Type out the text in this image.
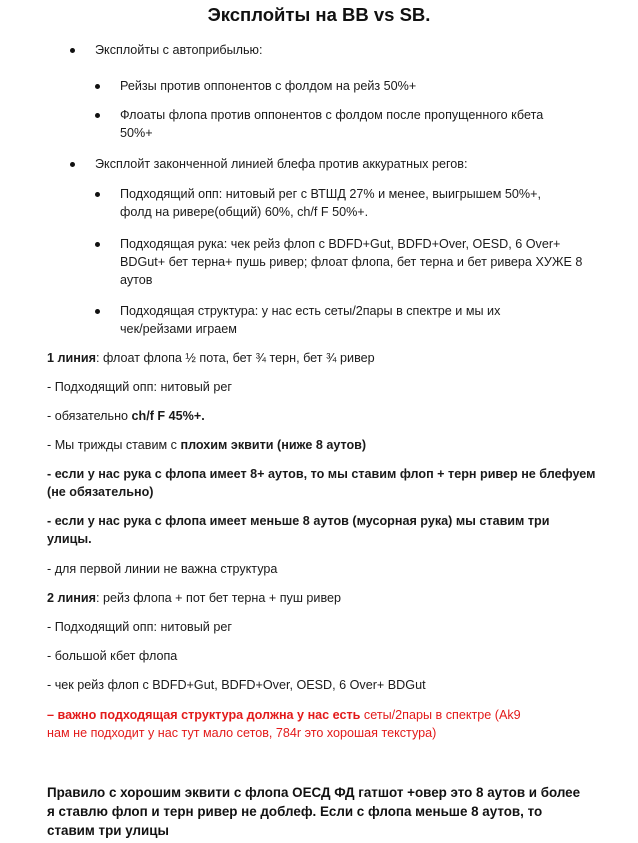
Эксплойты на BB vs SB.
Эксплойты с автоприбылью:
Рейзы против оппонентов с фолдом на рейз 50%+
Флоаты флопа против оппонентов с фолдом после пропущенного кбета
50%+
Эксплойт законченной линией блефа против аккуратных регов:
Подходящий опп: нитовый рег с ВТШД 27% и менее, выигрышем 50%+,
фолд на ривере(общий) 60%, ch/f F 50%+.
Подходящая рука: чек рейз флоп с BDFD+Gut, BDFD+Over, OESD, 6 Over+
BDGut+ бет терна+ пушь ривер; флоат флопа, бет терна и бет ривера ХУЖЕ 8
аутов
Подходящая структура: у нас есть сеты/2пары в спектре и мы их
чек/рейзами играем
1 линия: флоат флопа ½ пота, бет ¾ терн, бет ¾ ривер
- Подходящий опп: нитовый рег
- обязательно ch/f F 45%+.
- Мы трижды ставим с плохим эквити (ниже 8 аутов)
- если у нас рука с флопа имеет 8+ аутов, то мы ставим флоп + терн ривер не блефуем
(не обязательно)
- если у нас рука с флопа имеет меньше 8 аутов (мусорная рука) мы ставим три
улицы.
- для первой линии не важна структура
2 линия: рейз флопа + пот бет терна + пуш ривер
- Подходящий опп: нитовый рег
- большой кбет флопа
- чек рейз флоп с BDFD+Gut, BDFD+Over, OESD, 6 Over+ BDGut
– важно подходящая структура должна у нас есть сеты/2пары в спектре (Ak9
нам не подходит у нас тут мало сетов, 784r это хорошая текстура)
Правило с хорошим эквити с флопа ОЕСД ФД гатшот +овер это 8 аутов и более
я ставлю флоп и терн ривер не доблеф. Если с флопа меньше 8 аутов, то
ставим три улицы
